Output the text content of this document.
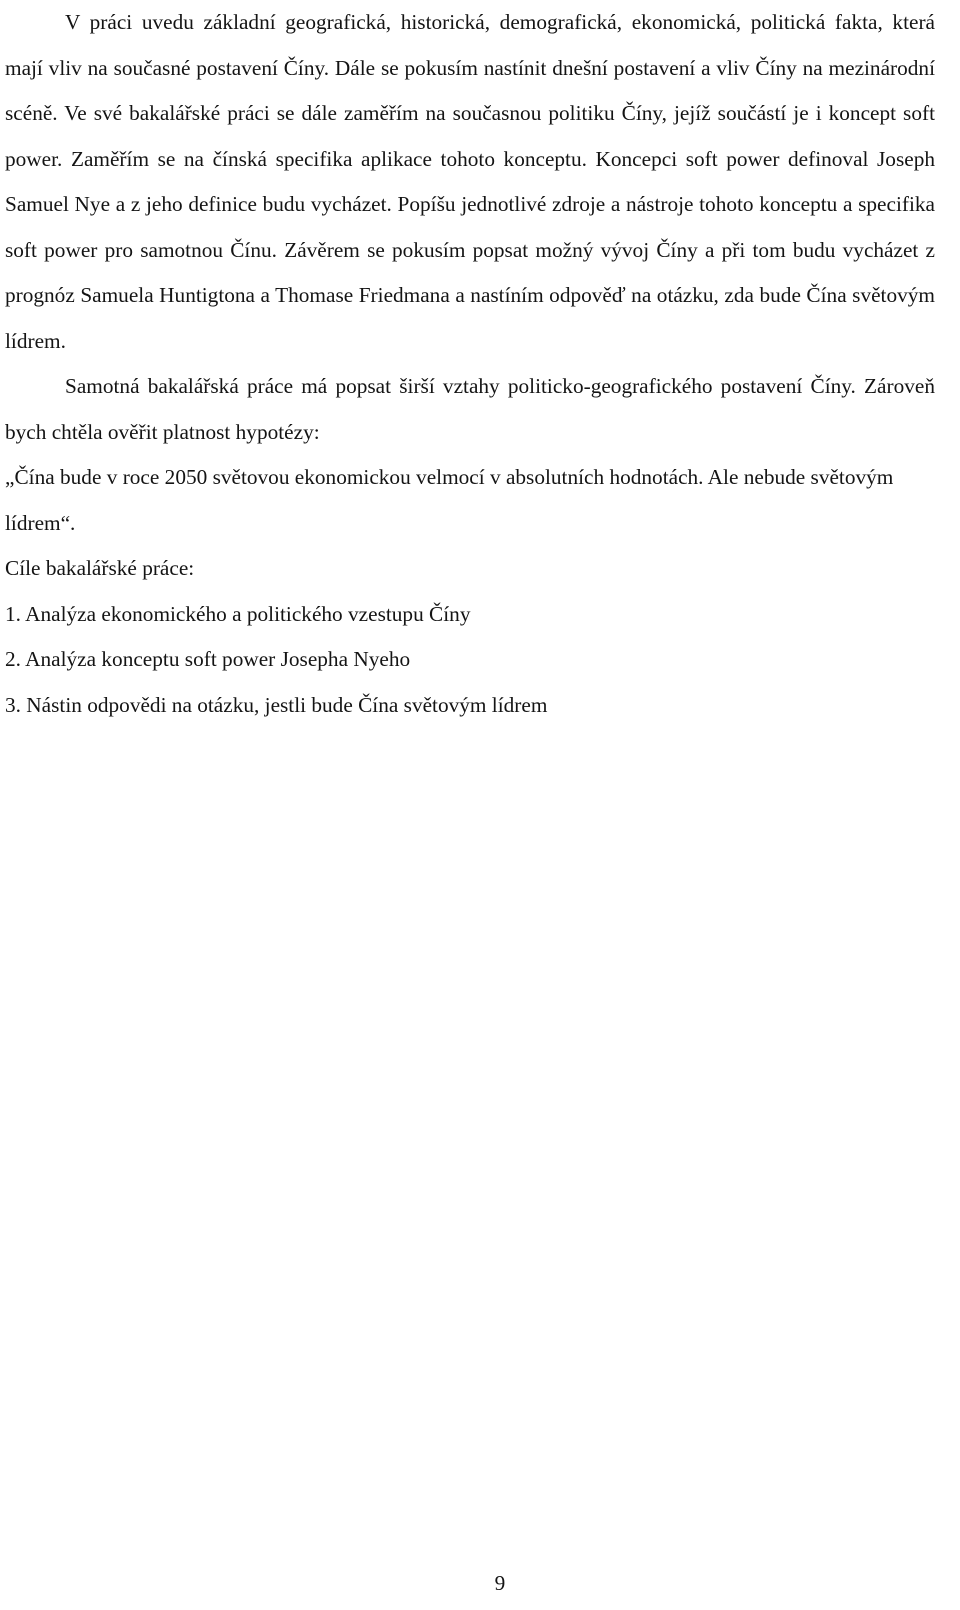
V práci uvedu základní geografická, historická, demografická, ekonomická, politická fakta, která mají vliv na současné postavení Číny. Dále se pokusím nastínit dnešní postavení a vliv Číny na mezinárodní scéně. Ve své bakalářské práci se dále zaměřím na současnou politiku Číny, jejíž součástí je i koncept soft power. Zaměřím se na čínská specifika aplikace tohoto konceptu. Koncepci soft power definoval Joseph Samuel Nye a z jeho definice budu vycházet. Popíšu jednotlivé zdroje a nástroje tohoto konceptu a specifika soft power pro samotnou Čínu. Závěrem se pokusím popsat možný vývoj Číny a při tom budu vycházet z prognóz Samuela Huntigtona a Thomase Friedmana a nastíním odpověď na otázku, zda bude Čína světovým lídrem.

Samotná bakalářská práce má popsat širší vztahy politicko-geografického postavení Číny. Zároveň bych chtěla ověřit platnost hypotézy:

„Čína bude v roce 2050 světovou ekonomickou velmocí v absolutních hodnotách. Ale nebude světovým lídrem“.

Cíle bakalářské práce:

1. Analýza ekonomického a politického vzestupu Číny
2. Analýza konceptu soft power Josepha Nyeho
3. Nástin odpovědi na otázku, jestli bude Čína světovým lídrem
9
